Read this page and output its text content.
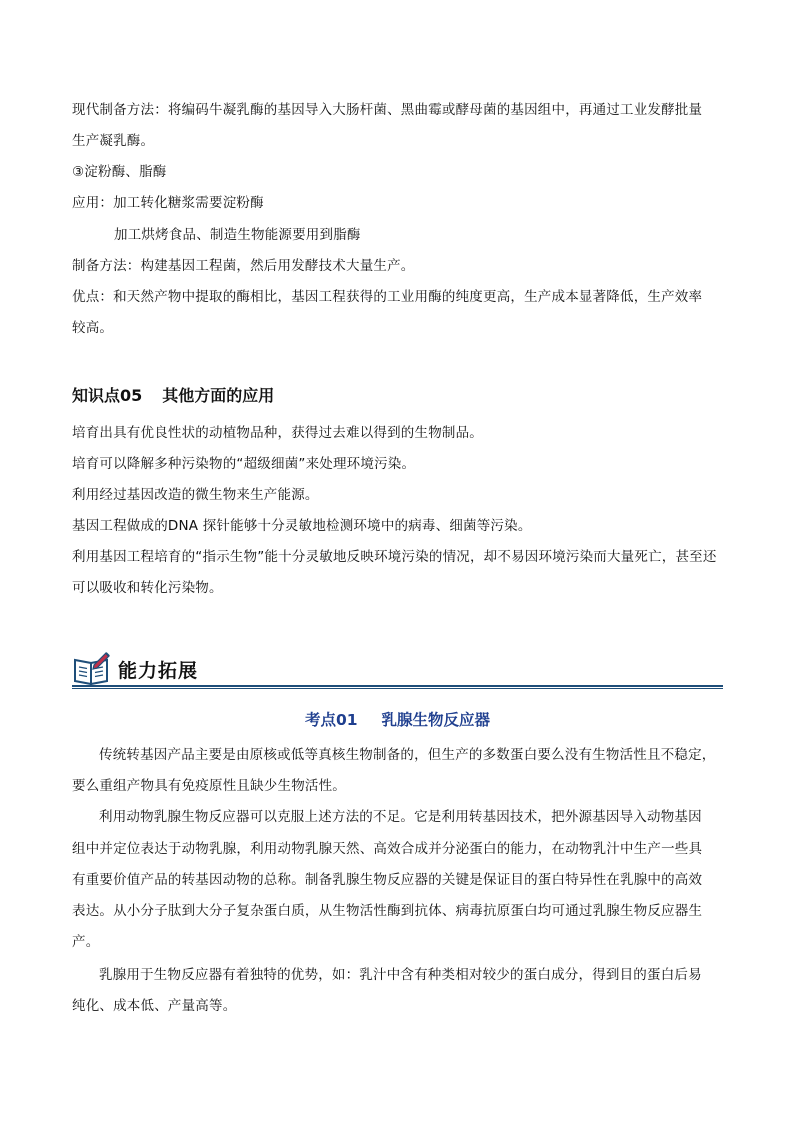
现代制备方法：将编码牛凝乳酶的基因导入大肠杆菌、黑曲霉或酵母菌的基因组中，再通过工业发酵批量
生产凝乳酶。
③淀粉酶、脂酶
应用：加工转化糖浆需要淀粉酶
加工烘烤食品、制造生物能源要用到脂酶
制备方法：构建基因工程菌，然后用发酵技术大量生产。
优点：和天然产物中提取的酶相比，基因工程获得的工业用酶的纯度更高，生产成本显著降低，生产效率
较高。
知识点05 其他方面的应用
培育出具有优良性状的动植物品种，获得过去难以得到的生物制品。
培育可以降解多种污染物的“超级细菌”来处理环境污染。
利用经过基因改造的微生物来生产能源。
基因工程做成的DNA 探针能够十分灵敏地检测环境中的病毒、细菌等污染。
利用基因工程培育的“指示生物”能十分灵敏地反映环境污染的情况，却不易因环境污染而大量死亡，甚至还
可以吸收和转化污染物。
能力拓展
考点01 乳腺生物反应器
传统转基因产品主要是由原核或低等真核生物制备的，但生产的多数蛋白要么没有生物活性且不稳定，
要么重组产物具有免疫原性且缺少生物活性。
利用动物乳腺生物反应器可以克服上述方法的不足。它是利用转基因技术，把外源基因导入动物基因
组中并定位表达于动物乳腺，利用动物乳腺天然、高效合成并分泌蛋白的能力，在动物乳汁中生产一些具
有重要价值产品的转基因动物的总称。制备乳腺生物反应器的关键是保证目的蛋白特异性在乳腺中的高效
表达。从小分子肽到大分子复杂蛋白质，从生物活性酶到抗体、病毒抗原蛋白均可通过乳腺生物反应器生
产。
乳腺用于生物反应器有着独特的优势，如：乳汁中含有种类相对较少的蛋白成分，得到目的蛋白后易
纯化、成本低、产量高等。
